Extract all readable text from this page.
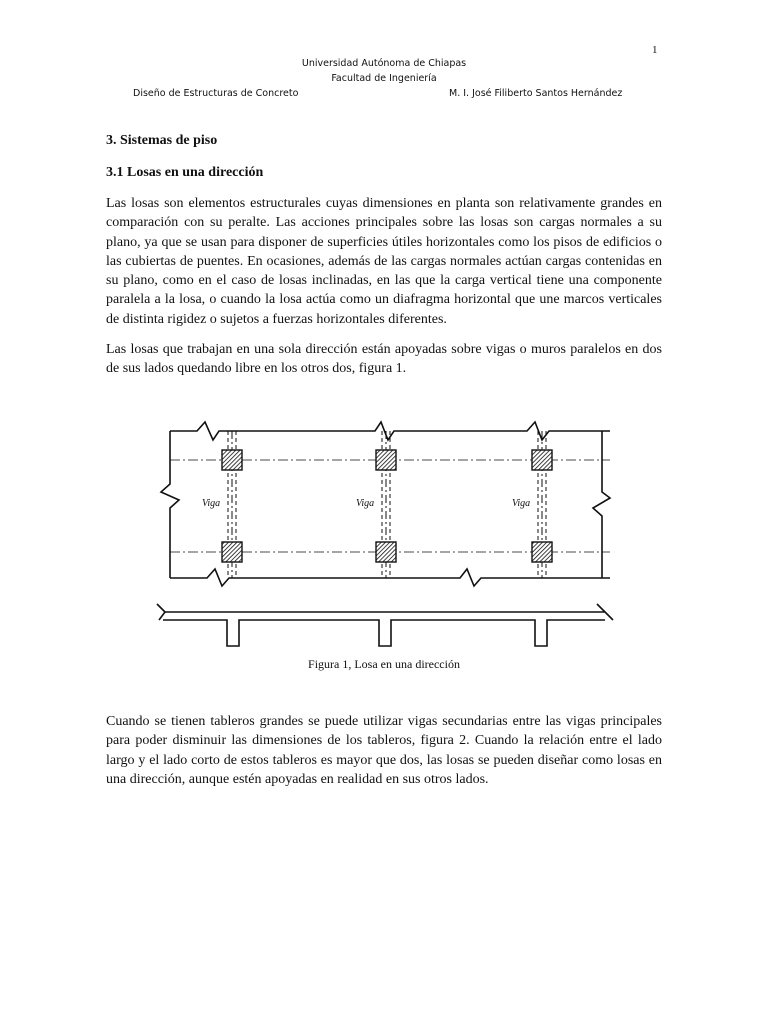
1
Universidad Autónoma de Chiapas
Facultad de Ingeniería
Diseño de Estructuras de Concreto	M. I. José Filiberto Santos Hernández
3. Sistemas de piso
3.1 Losas en una dirección
Las losas son elementos estructurales cuyas dimensiones en planta son relativamente grandes en comparación con su peralte. Las acciones principales sobre las losas son cargas normales a su plano, ya que se usan para disponer de superficies útiles horizontales como los pisos de edificios o las cubiertas de puentes. En ocasiones, además de las cargas normales actúan cargas contenidas en su plano, como en el caso de losas inclinadas, en las que la carga vertical tiene una componente paralela a la losa, o cuando la losa actúa como un diafragma horizontal que une marcos verticales de distinta rigidez o sujetos a fuerzas horizontales diferentes.
Las losas que trabajan en una sola dirección están apoyadas sobre vigas o muros paralelos en dos de sus lados quedando libre en los otros dos, figura 1.
Viga	Viga	Viga
Figura 1, Losa en una dirección
Cuando se tienen tableros grandes se puede utilizar vigas secundarias entre las vigas principales para poder disminuir las dimensiones de los tableros, figura 2. Cuando la relación entre el lado largo y el lado corto de estos tableros es mayor que dos, las losas se pueden diseñar como losas en una dirección, aunque estén apoyadas en realidad en sus otros lados.
